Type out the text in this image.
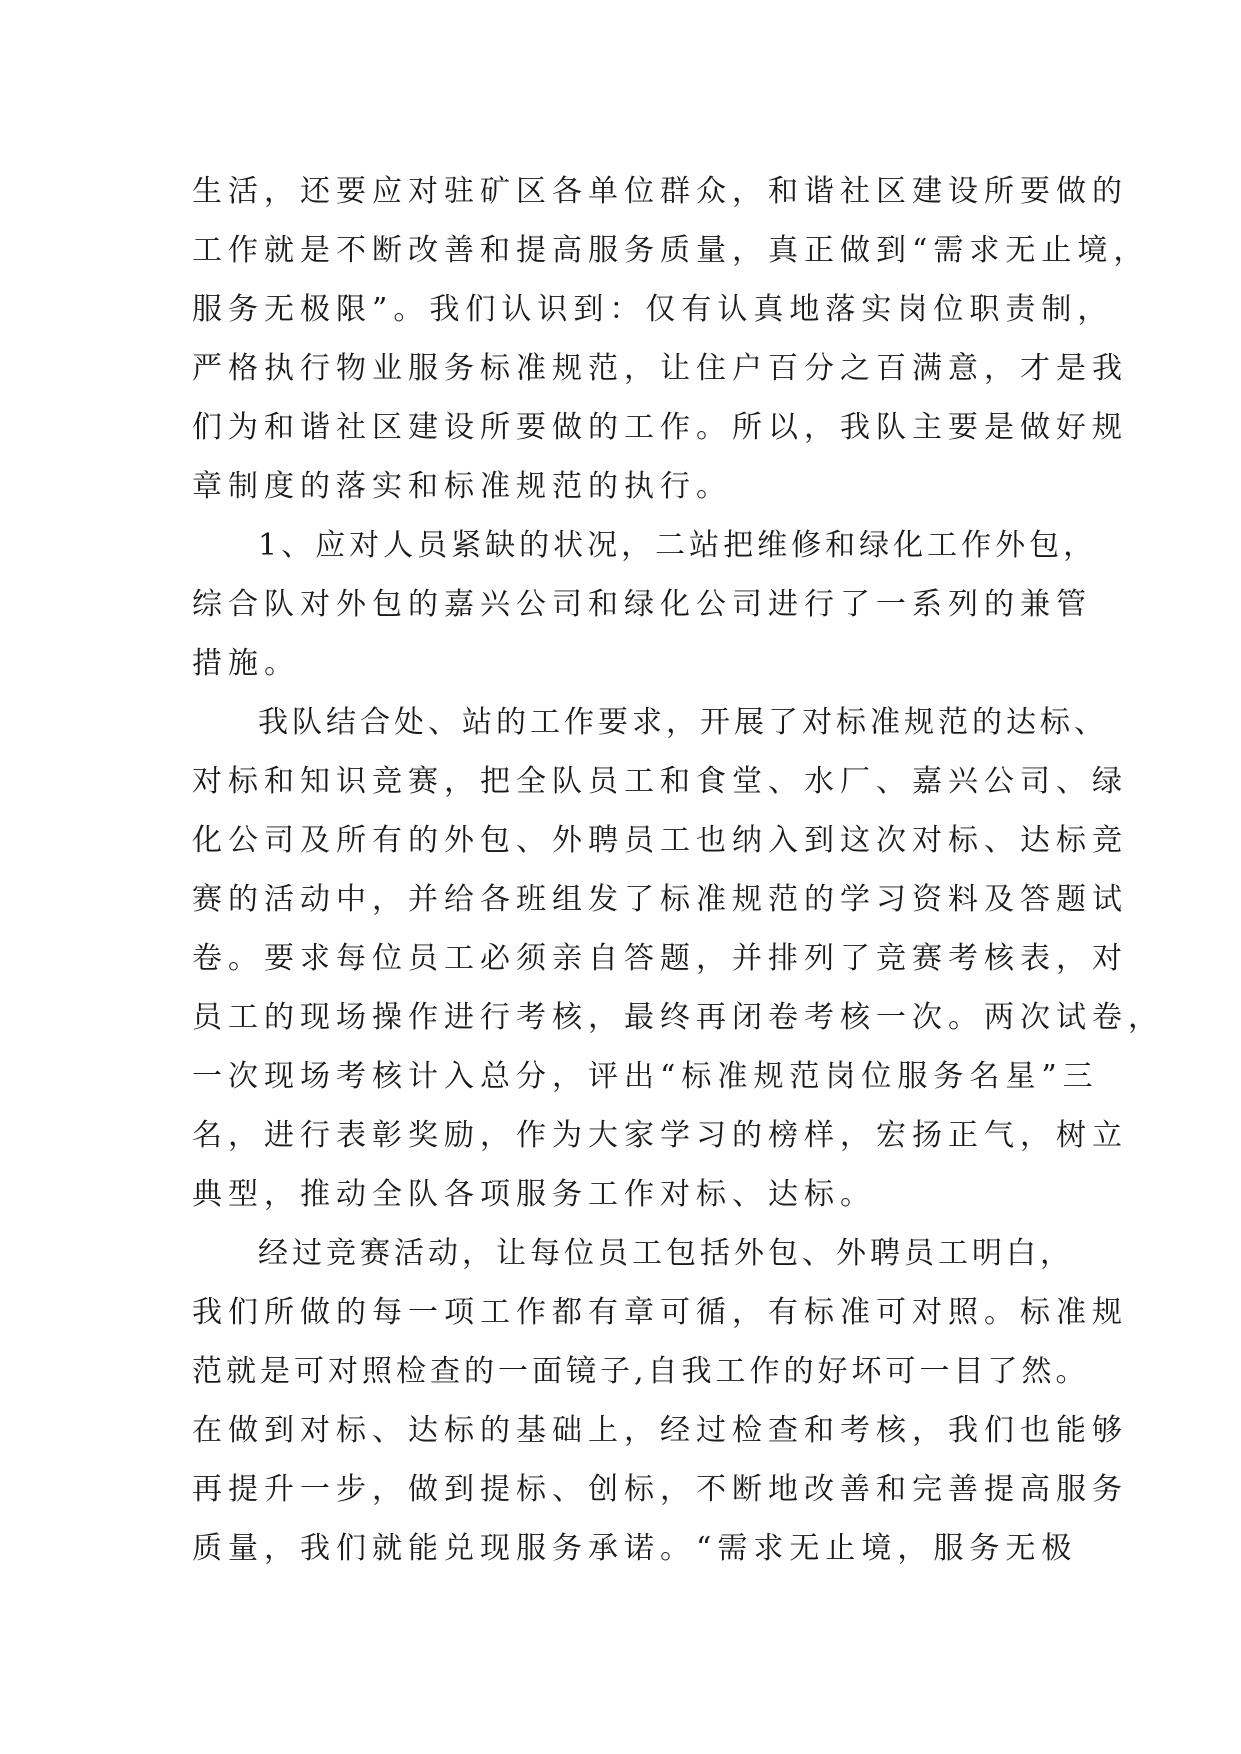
生活，还要应对驻矿区各单位群众，和谐社区建设所要做的
工作就是不断改善和提高服务质量，真正做到“需求无止境，
服务无极限”。我们认识到：仅有认真地落实岗位职责制，
严格执行物业服务标准规范，让住户百分之百满意，才是我
们为和谐社区建设所要做的工作。所以，我队主要是做好规
章制度的落实和标准规范的执行。
1、应对人员紧缺的状况，二站把维修和绿化工作外包，
综合队对外包的嘉兴公司和绿化公司进行了一系列的兼管
措施。
我队结合处、站的工作要求，开展了对标准规范的达标、
对标和知识竞赛，把全队员工和食堂、水厂、嘉兴公司、绿
化公司及所有的外包、外聘员工也纳入到这次对标、达标竞
赛的活动中，并给各班组发了标准规范的学习资料及答题试
卷。要求每位员工必须亲自答题，并排列了竞赛考核表，对
员工的现场操作进行考核，最终再闭卷考核一次。两次试卷，
一次现场考核计入总分，评出“标准规范岗位服务名星”三
名，进行表彰奖励，作为大家学习的榜样，宏扬正气，树立
典型，推动全队各项服务工作对标、达标。
经过竞赛活动，让每位员工包括外包、外聘员工明白，
我们所做的每一项工作都有章可循，有标准可对照。标准规
范就是可对照检查的一面镜子,自我工作的好坏可一目了然。
在做到对标、达标的基础上，经过检查和考核，我们也能够
再提升一步，做到提标、创标，不断地改善和完善提高服务
质量，我们就能兑现服务承诺。“需求无止境，服务无极
